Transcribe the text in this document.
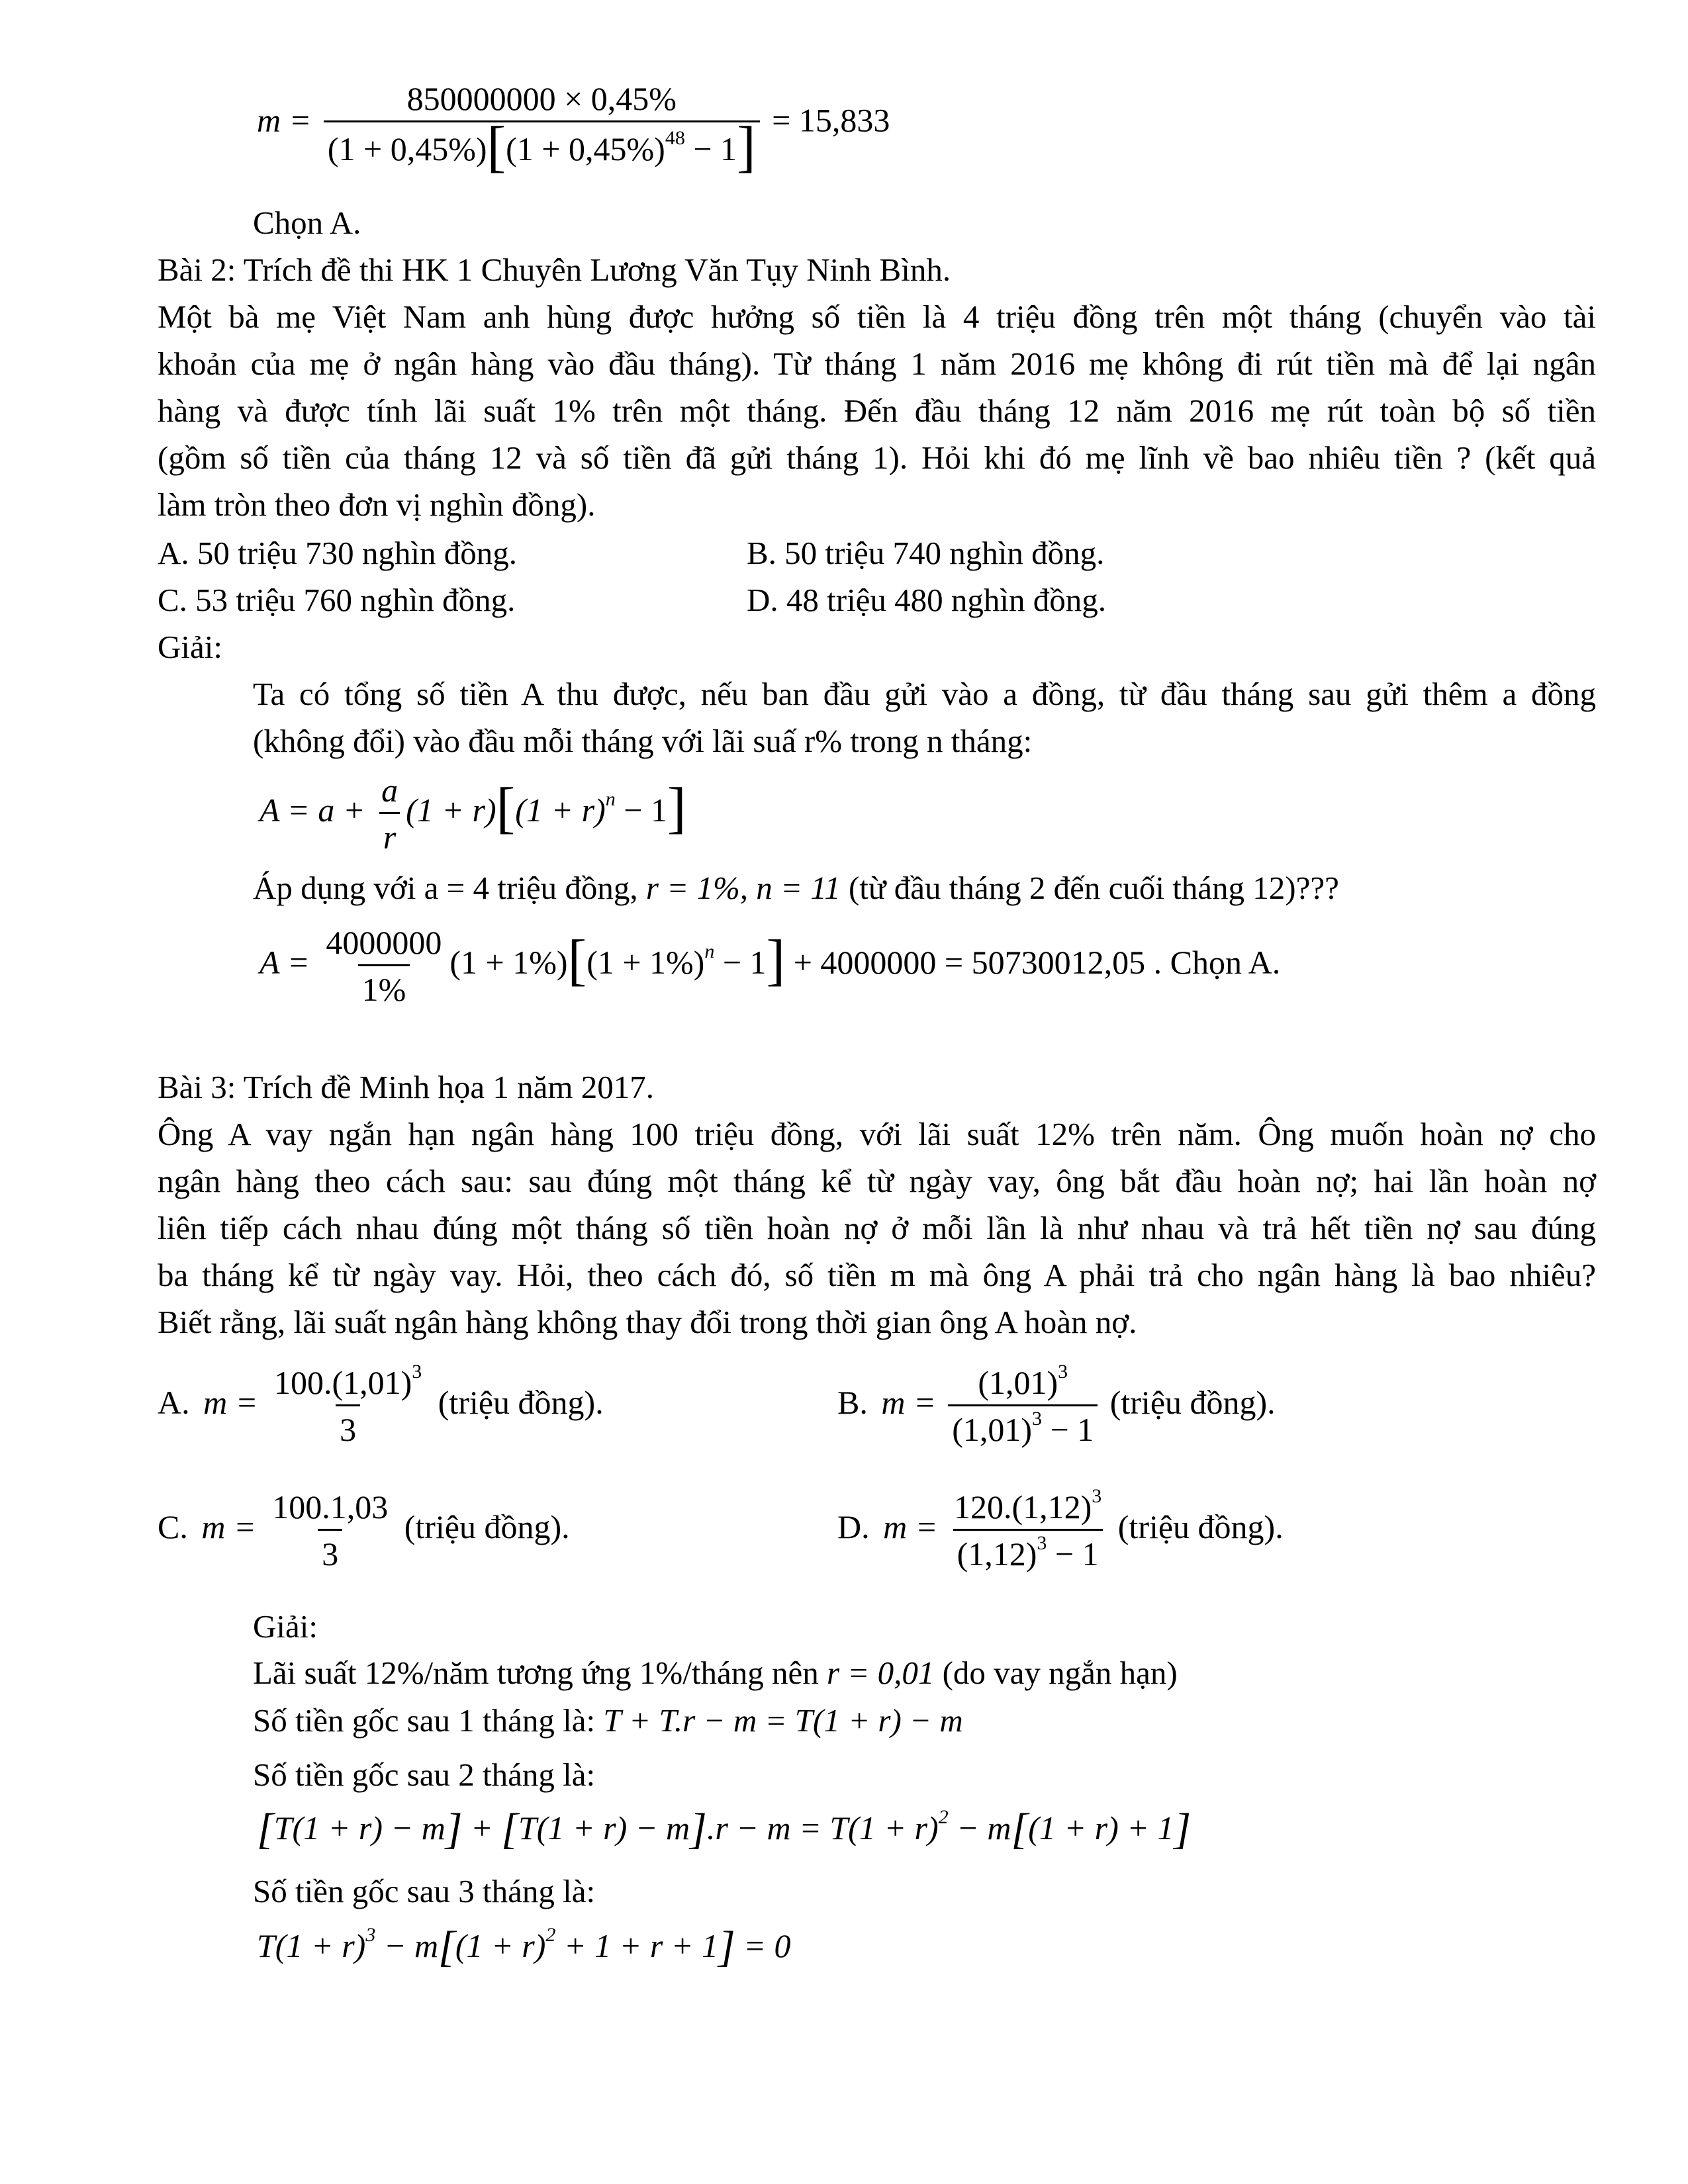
$m = \frac{850000000 \times 0,45\%}{(1 + 0,45\%)[(1 + 0,45\%)^{48} - 1]} = 15,833$
Chọn A.
Bài 2: Trích đề thi HK 1 Chuyên Lương Văn Tụy Ninh Bình.
Một bà mẹ Việt Nam anh hùng được hưởng số tiền là 4 triệu đồng trên một tháng (chuyển vào tài
khoản của mẹ ở ngân hàng vào đầu tháng). Từ tháng 1 năm 2016 mẹ không đi rút tiền mà để lại ngân
hàng và được tính lãi suất 1% trên một tháng. Đến đầu tháng 12 năm 2016 mẹ rút toàn bộ số tiền
(gồm số tiền của tháng 12 và số tiền đã gửi tháng 1). Hỏi khi đó mẹ lĩnh về bao nhiêu tiền ? (kết quả
làm tròn theo đơn vị nghìn đồng).
A. 50 triệu 730 nghìn đồng.	B. 50 triệu 740 nghìn đồng.
C. 53 triệu 760 nghìn đồng.	D. 48 triệu 480 nghìn đồng.
Giải:
Ta có tổng số tiền A thu được, nếu ban đầu gửi vào a đồng, từ đầu tháng sau gửi thêm a đồng
(không đổi) vào đầu mỗi tháng với lãi suấ r% trong n tháng:
$A = a + \frac{a}{r} (1 + r)[(1 + r)^n - 1]$
Áp dụng với a = 4 triệu đồng, r = 1%, n = 11 (từ đầu tháng 2 đến cuối tháng 12)???
$A = \frac{4000000}{1\%} (1 + 1\%)[(1 + 1\%)^n - 1] + 4000000 = 50730012,05$ . Chọn A.
Bài 3: Trích đề Minh họa 1 năm 2017.
Ông A vay ngắn hạn ngân hàng 100 triệu đồng, với lãi suất 12% trên năm. Ông muốn hoàn nợ cho
ngân hàng theo cách sau: sau đúng một tháng kể từ ngày vay, ông bắt đầu hoàn nợ; hai lần hoàn nợ
liên tiếp cách nhau đúng một tháng số tiền hoàn nợ ở mỗi lần là như nhau và trả hết tiền nợ sau đúng
ba tháng kể từ ngày vay. Hỏi, theo cách đó, số tiền m mà ông A phải trả cho ngân hàng là bao nhiêu?
Biết rằng, lãi suất ngân hàng không thay đổi trong thời gian ông A hoàn nợ.
A. $m = \frac{100.(1,01)^3}{3}$ (triệu đồng).	B. $m = \frac{(1,01)^3}{(1,01)^3 - 1}$ (triệu đồng).
C. $m = \frac{100.1,03}{3}$ (triệu đồng).	D. $m = \frac{120.(1,12)^3}{(1,12)^3 - 1}$ (triệu đồng).
Giải:
Lãi suất 12%/năm tương ứng 1%/tháng nên r = 0,01 (do vay ngắn hạn)
Số tiền gốc sau 1 tháng là: T + T.r − m = T(1 + r) − m
Số tiền gốc sau 2 tháng là:
$[T(1 + r) - m] + [T(1 + r) - m].r - m = T(1 + r)^2 - m[(1 + r) + 1]$
Số tiền gốc sau 3 tháng là:
$T(1 + r)^3 - m[(1 + r)^2 + 1 + r + 1] = 0$
